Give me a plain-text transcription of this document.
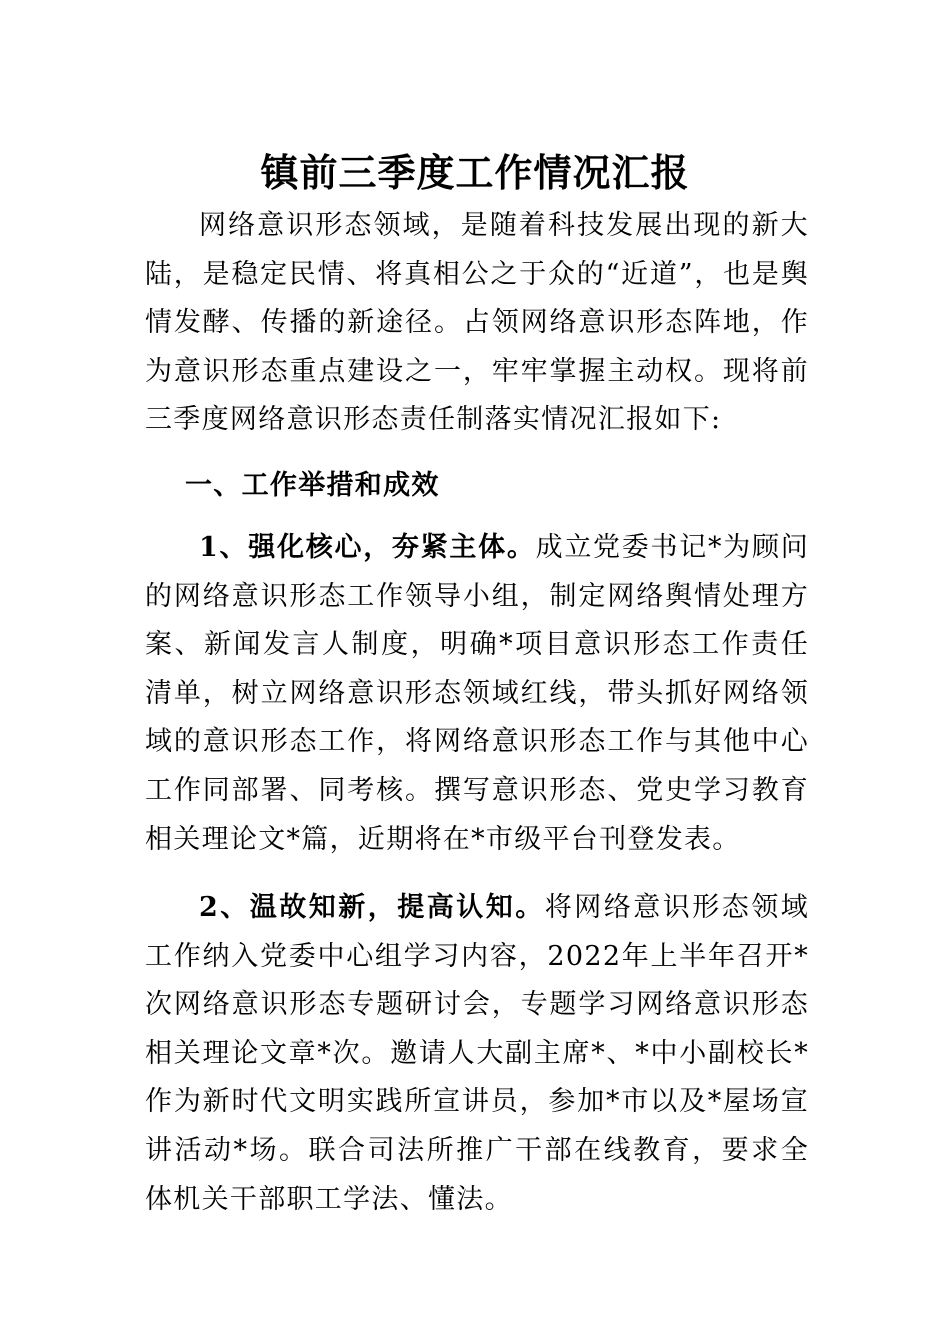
镇前三季度工作情况汇报

网络意识形态领域，是随着科技发展出现的新大陆，是稳定民情、将真相公之于众的“近道”，也是舆情发酵、传播的新途径。占领网络意识形态阵地，作为意识形态重点建设之一，牢牢掌握主动权。现将前三季度网络意识形态责任制落实情况汇报如下:

一、工作举措和成效

1、强化核心，夯紧主体。成立党委书记*为顾问的网络意识形态工作领导小组，制定网络舆情处理方案、新闻发言人制度，明确*项目意识形态工作责任清单，树立网络意识形态领域红线，带头抓好网络领域的意识形态工作，将网络意识形态工作与其他中心工作同部署、同考核。撰写意识形态、党史学习教育相关理论文*篇，近期将在*市级平台刊登发表。

2、温故知新，提高认知。将网络意识形态领域工作纳入党委中心组学习内容，2022年上半年召开*次网络意识形态专题研讨会，专题学习网络意识形态相关理论文章*次。邀请人大副主席*、*中小副校长*作为新时代文明实践所宣讲员，参加*市以及*屋场宣讲活动*场。联合司法所推广干部在线教育，要求全体机关干部职工学法、懂法。
